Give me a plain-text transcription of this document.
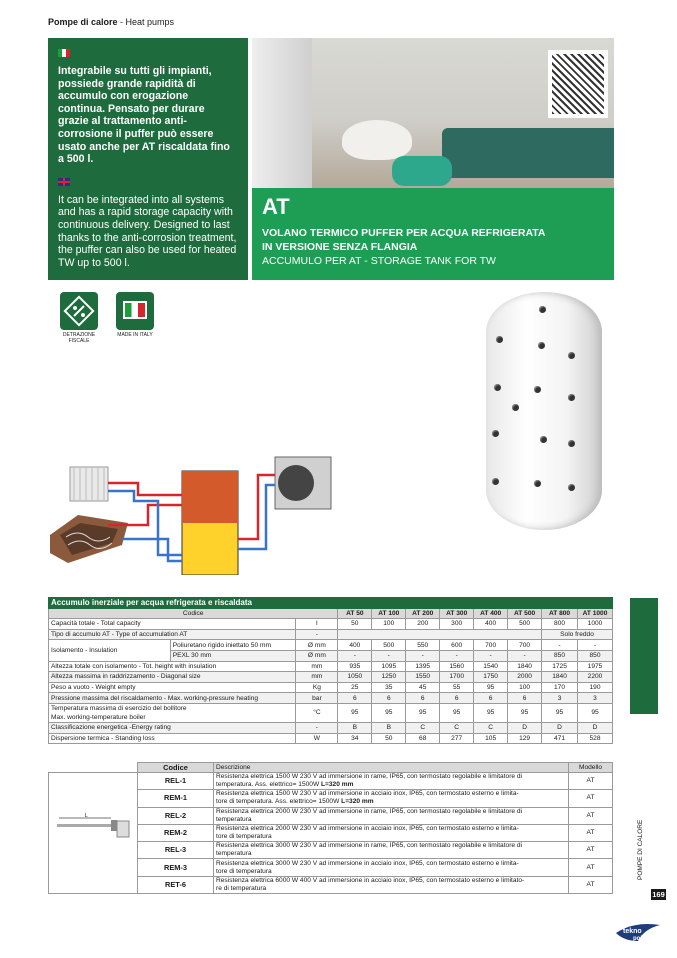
Pompe di calore - Heat pumps
Integrabile su tutti gli impianti, possiede grande rapidità di accumulo con erogazione continua. Pensato per durare grazie al trattamento anti-corrosione il puffer può essere usato anche per AT riscaldata fino a 500 l.
It can be integrated into all systems and has a rapid storage capacity with continuous delivery. Designed to last thanks to the anti-corrosion treatment, the puffer can also be used for heated TW up to 500 l.
AT
VOLANO TERMICO PUFFER PER ACQUA REFRIGERATA
IN VERSIONE SENZA FLANGIA
ACCUMULO PER AT - STORAGE TANK FOR TW
DETRAZIONE FISCALE
MADE IN ITALY
Accumulo inerziale per acqua refrigerata e riscaldata										
Codice			AT 50	AT 100	AT 200	AT 300	AT 400	AT 500	AT 800	AT 1000
Capacità totale - Total capacity		l	50	100	200	300	400	500	800	1000
Tipo di accumulo AT - Type of accumulation AT		-							Solo freddo	
Isolamento - Insulation	Poliuretano rigido iniettato 50 mm	Ø mm	400	500	550	600	700	700	-	-
	PEXL 30 mm	Ø mm	-	-	-	-	-	-	850	850
Altezza totale con isolamento - Tot. height with insulation		mm	935	1095	1395	1560	1540	1840	1725	1975
Altezza massima in raddrizzamento - Diagonal size		mm	1050	1250	1550	1700	1750	2000	1840	2200
Peso a vuoto - Weight empty		Kg	25	35	45	55	95	100	170	190
Pressione massima del riscaldamento - Max. working-pressure heating		bar	6	6	6	6	6	6	3	3

Temperatura massima di esercizio del bollitore
Max. working-temperature boiler		°C	95	95	95	95	95	95	95	95
Classificazione energetica -Energy rating		-	B	B	C	C	C	D	D	D
Dispersione termica - Standing loss		W	34	50	68	277	105	129	471	528
	Codice	Descrizione	Modello

L	REL-1	Resistenza elettrica 1500 W 230 V ad immersione in rame, IP65, con termostato regolabile e limitatore di
temperatura. Ass. elettrico= 1500W L=320 mm	AT
	REM-1	Resistenza elettrica 1500 W 230 V ad immersione in acciaio inox, IP65, con termostato esterno e limita-
tore di temperatura. Ass. elettrico= 1500W L=320 mm	AT
	REL-2	Resistenza elettrica 2000 W 230 V ad immersione in rame, IP65, con termostato regolabile e limitatore di
temperatura	AT
	REM-2	Resistenza elettrica 2000 W 230 V ad immersione in acciaio inox, IP65, con termostato esterno e limita-
tore di temperatura	AT
	REL-3	Resistenza elettrica 3000 W 230 V ad immersione in rame, IP65, con termostato regolabile e limitatore di
temperatura	AT
	REM-3	Resistenza elettrica 3000 W 230 V ad immersione in acciaio inox, IP65, con termostato esterno e limita-
tore di temperatura	AT
	RET-6	Resistenza elettrica 6000 W 400 V ad immersione in acciaio inox, IP65, con termostato esterno e limitato-
re di temperatura	AT
PDC
HP
POMPE DI CALORE
169
tekno
point
